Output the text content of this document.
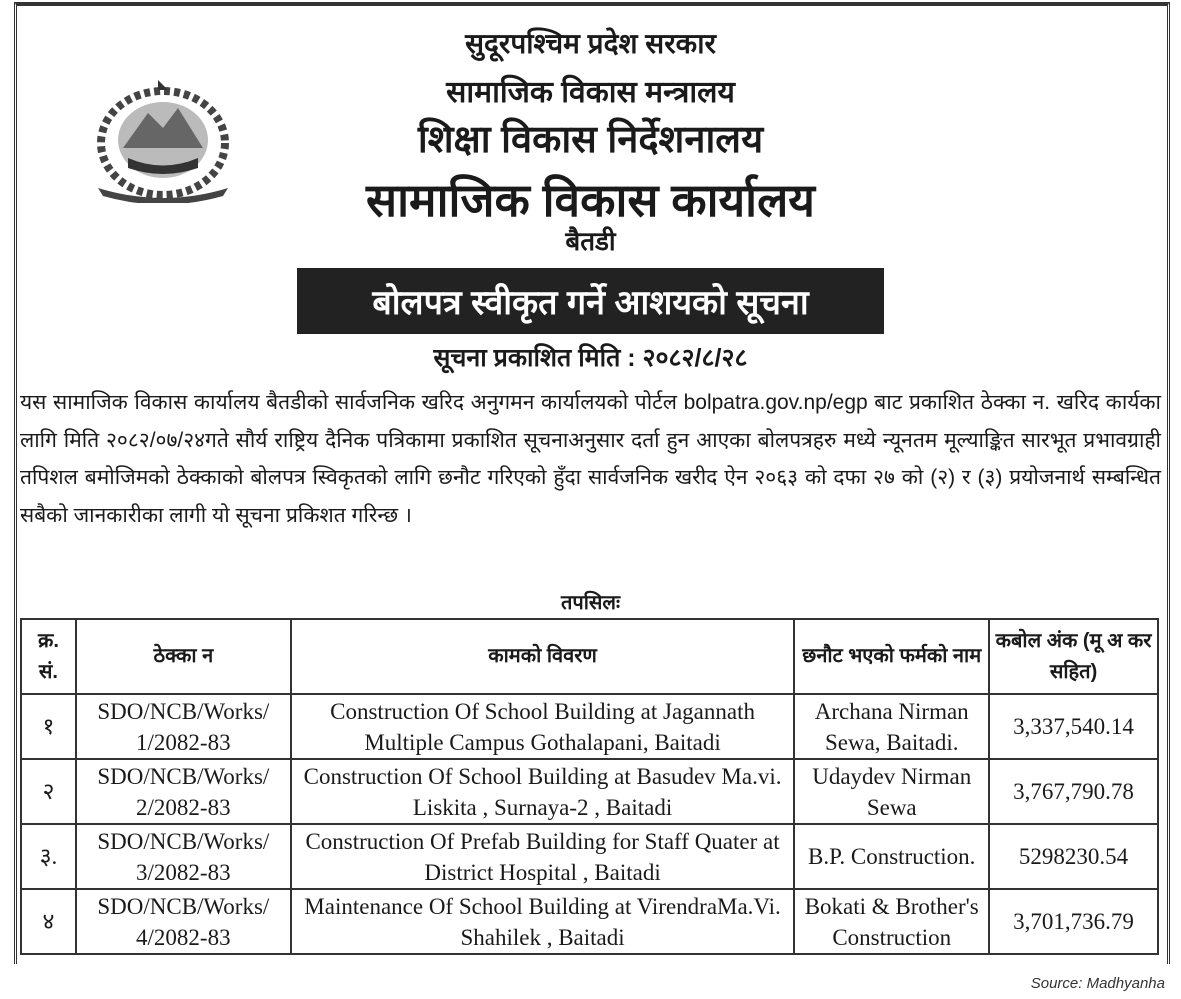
सुदूरपश्चिम प्रदेश सरकार
सामाजिक विकास मन्त्रालय
शिक्षा विकास निर्देशनालय
सामाजिक विकास कार्यालय
बैतडी
बोलपत्र स्वीकृत गर्ने आशयको सूचना
सूचना प्रकाशित मिति : २०८२/८/२८
यस सामाजिक विकास कार्यालय बैतडीको सार्वजनिक खरिद अनुगमन कार्यालयको पोर्टल bolpatra.gov.np/egp बाट प्रकाशित ठेक्का न. खरिद कार्यका लागि मिति २०८२/०७/२४गते सौर्य राष्ट्रिय दैनिक पत्रिकामा प्रकाशित सूचनाअनुसार दर्ता हुन आएका बोलपत्रहरु मध्ये न्यूनतम मूल्याङ्कित सारभूत प्रभावग्राही तपिशल बमोजिमको ठेक्काको बोलपत्र स्विकृतको लागि छनौट गरिएको हुँदा सार्वजनिक खरीद ऐन २०६३ को दफा २७ को (२) र (३) प्रयोजनार्थ सम्बन्धित सबैको जानकारीका लागी यो सूचना प्रकिशत गरिन्छ ।
तपसिलः
क्र. सं.	ठेक्का न	कामको विवरण	छनौट भएको फर्मको नाम	कबोल अंक (मू अ कर सहित)
१	SDO/NCB/Works/ 1/2082-83	Construction Of School Building at Jagannath Multiple Campus Gothalapani, Baitadi	Archana Nirman Sewa, Baitadi.	3,337,540.14
२	SDO/NCB/Works/ 2/2082-83	Construction Of School Building at Basudev Ma.vi. Liskita , Surnaya-2 , Baitadi	Udaydev Nirman Sewa	3,767,790.78
३.	SDO/NCB/Works/ 3/2082-83	Construction Of Prefab Building for Staff Quater at District Hospital , Baitadi	B.P. Construction.	5298230.54
४	SDO/NCB/Works/ 4/2082-83	Maintenance Of School Building at VirendraMa.Vi. Shahilek , Baitadi	Bokati & Brother's Construction	3,701,736.79
Source: Madhyanha
